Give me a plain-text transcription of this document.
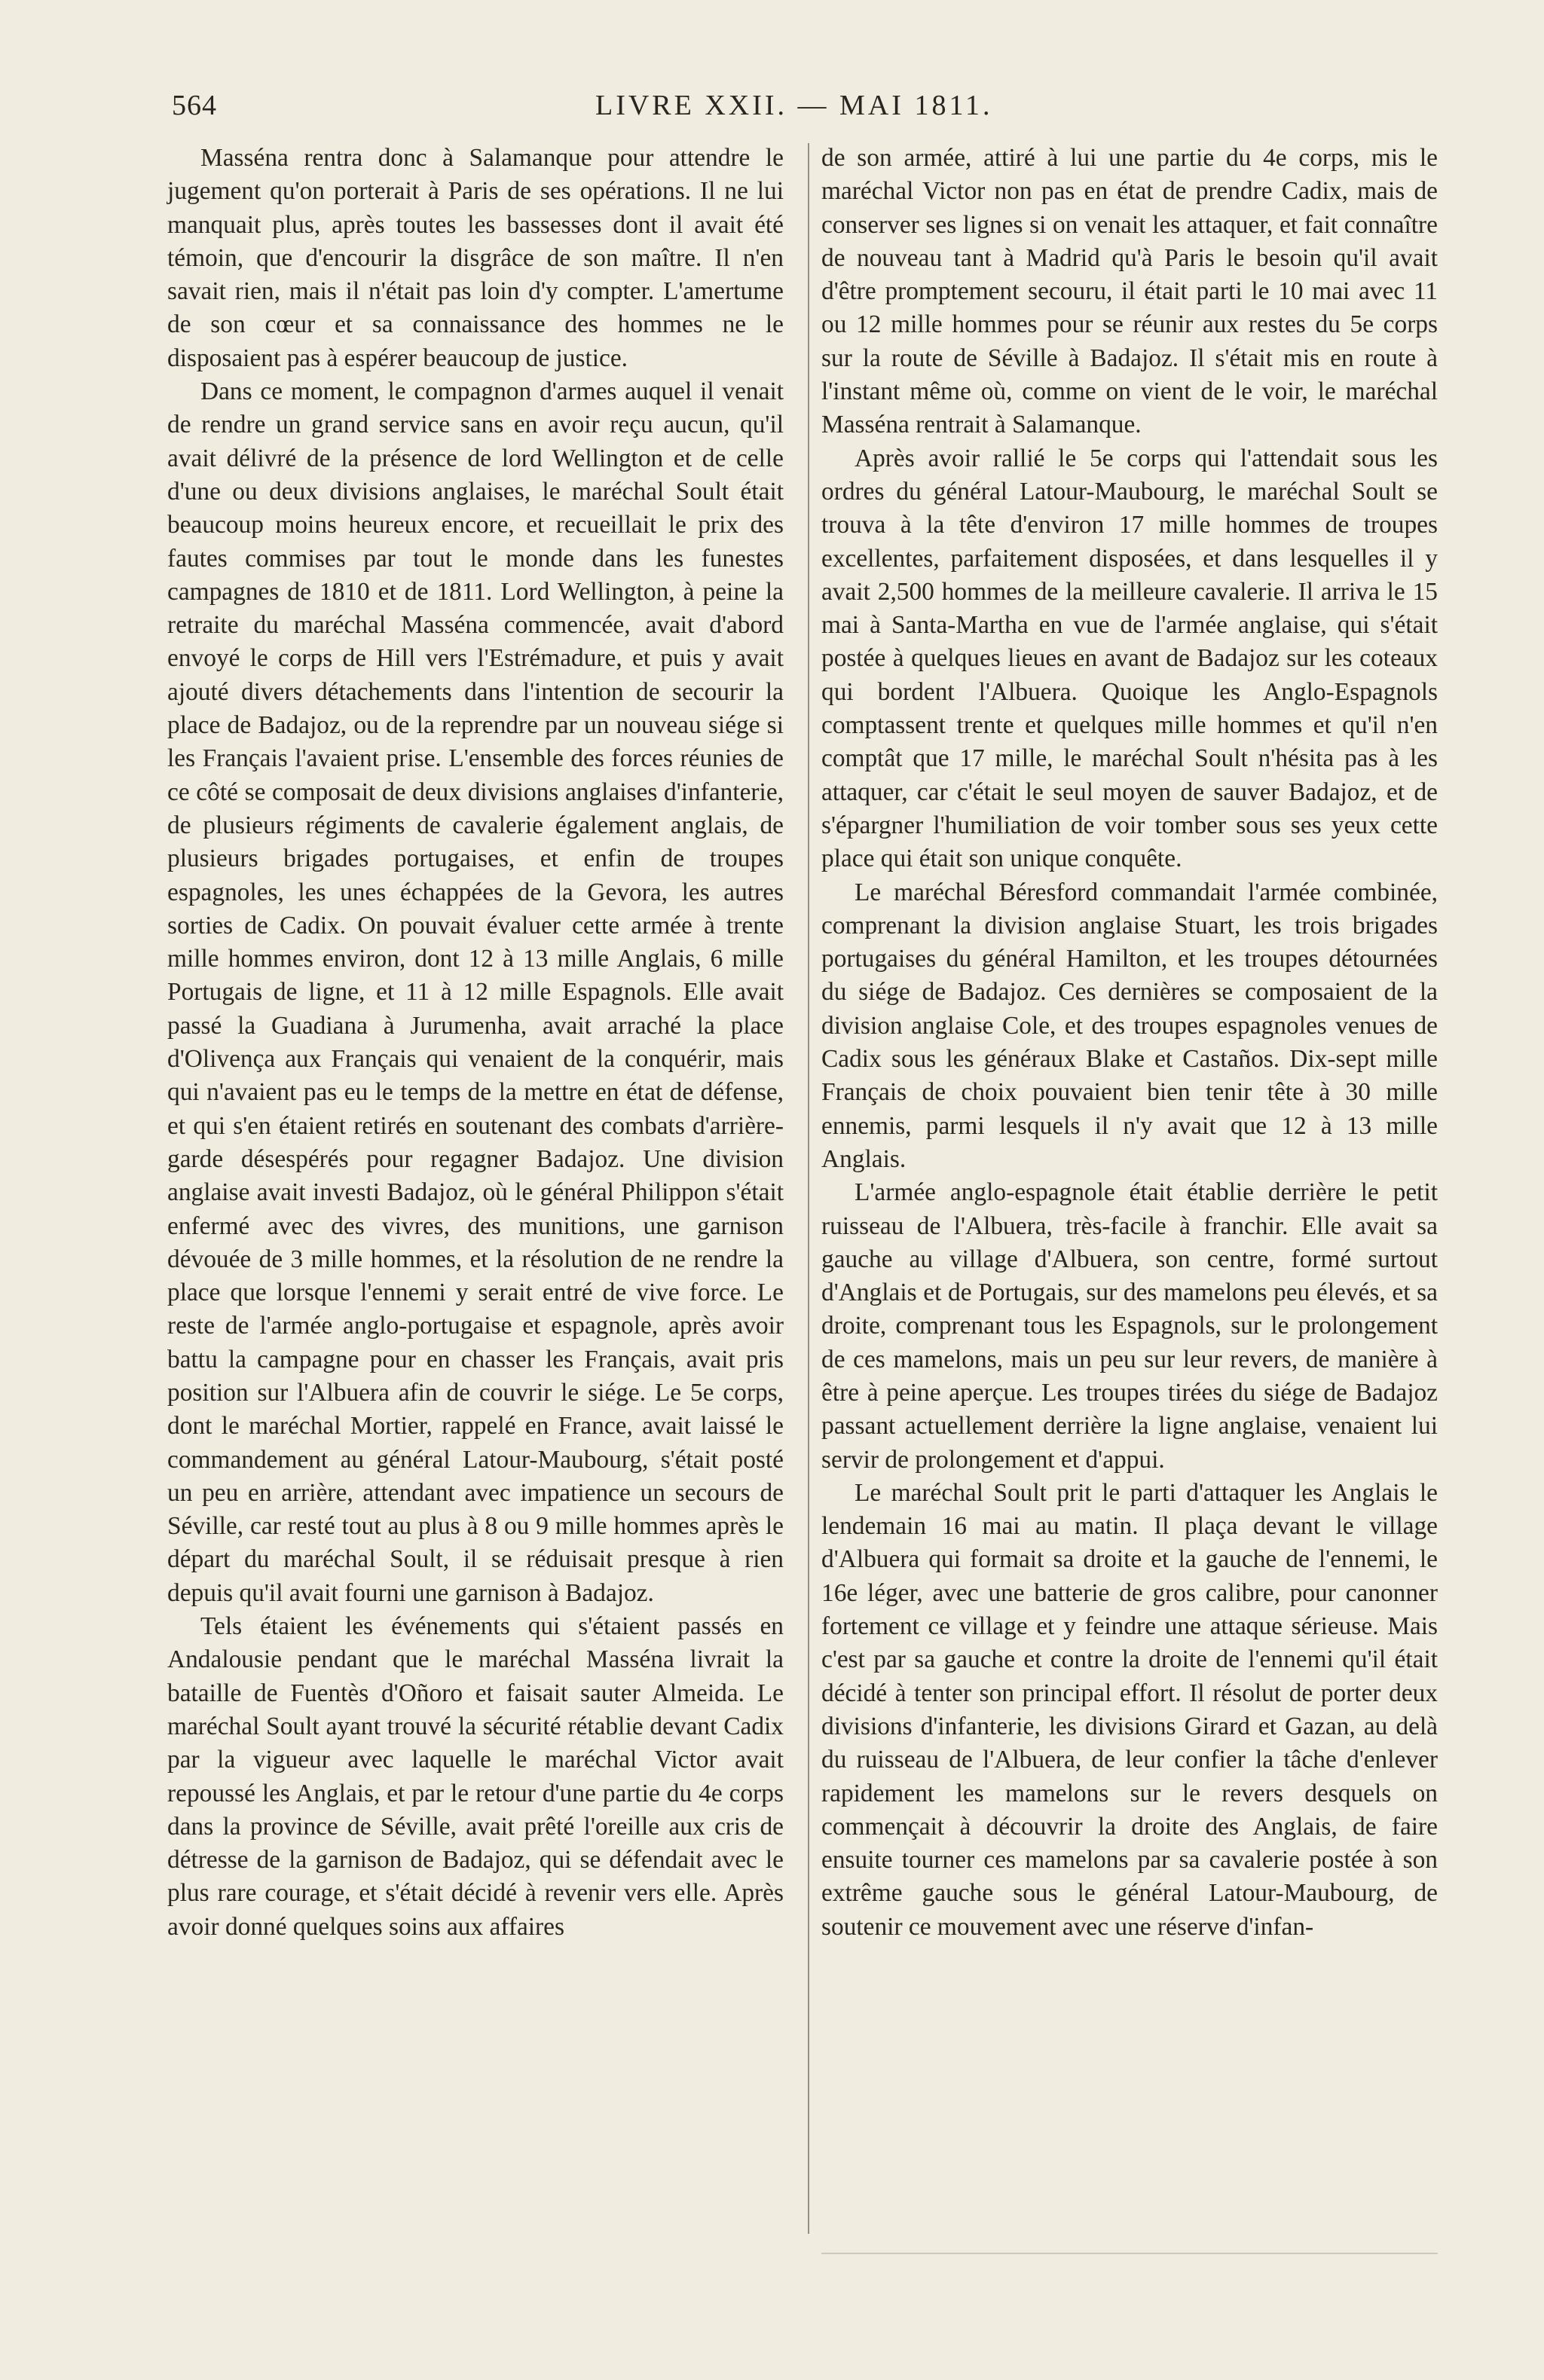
564	LIVRE XXII. — MAI 1811.

Masséna rentra donc à Salamanque pour attendre le jugement qu'on porterait à Paris de ses opérations. Il ne lui manquait plus, après toutes les bassesses dont il avait été témoin, que d'encourir la disgrâce de son maître. Il n'en savait rien, mais il n'était pas loin d'y compter. L'amertume de son cœur et sa connaissance des hommes ne le disposaient pas à espérer beaucoup de justice.

Dans ce moment, le compagnon d'armes auquel il venait de rendre un grand service sans en avoir reçu aucun, qu'il avait délivré de la présence de lord Wellington et de celle d'une ou deux divisions anglaises, le maréchal Soult était beaucoup moins heureux encore, et recueillait le prix des fautes commises par tout le monde dans les funestes campagnes de 1810 et de 1811. Lord Wellington, à peine la retraite du maréchal Masséna commencée, avait d'abord envoyé le corps de Hill vers l'Estrémadure, et puis y avait ajouté divers détachements dans l'intention de secourir la place de Badajoz, ou de la reprendre par un nouveau siége si les Français l'avaient prise. L'ensemble des forces réunies de ce côté se composait de deux divisions anglaises d'infanterie, de plusieurs régiments de cavalerie également anglais, de plusieurs brigades portugaises, et enfin de troupes espagnoles, les unes échappées de la Gevora, les autres sorties de Cadix. On pouvait évaluer cette armée à trente mille hommes environ, dont 12 à 13 mille Anglais, 6 mille Portugais de ligne, et 11 à 12 mille Espagnols. Elle avait passé la Guadiana à Jurumenha, avait arraché la place d'Olivença aux Français qui venaient de la conquérir, mais qui n'avaient pas eu le temps de la mettre en état de défense, et qui s'en étaient retirés en soutenant des combats d'arrière-garde désespérés pour regagner Badajoz. Une division anglaise avait investi Badajoz, où le général Philippon s'était enfermé avec des vivres, des munitions, une garnison dévouée de 3 mille hommes, et la résolution de ne rendre la place que lorsque l'ennemi y serait entré de vive force. Le reste de l'armée anglo-portugaise et espagnole, après avoir battu la campagne pour en chasser les Français, avait pris position sur l'Albuera afin de couvrir le siége. Le 5e corps, dont le maréchal Mortier, rappelé en France, avait laissé le commandement au général Latour-Maubourg, s'était posté un peu en arrière, attendant avec impatience un secours de Séville, car resté tout au plus à 8 ou 9 mille hommes après le départ du maréchal Soult, il se réduisait presque à rien depuis qu'il avait fourni une garnison à Badajoz.

Tels étaient les événements qui s'étaient passés en Andalousie pendant que le maréchal Masséna livrait la bataille de Fuentès d'Oñoro et faisait sauter Almeida. Le maréchal Soult ayant trouvé la sécurité rétablie devant Cadix par la vigueur avec laquelle le maréchal Victor avait repoussé les Anglais, et par le retour d'une partie du 4e corps dans la province de Séville, avait prêté l'oreille aux cris de détresse de la garnison de Badajoz, qui se défendait avec le plus rare courage, et s'était décidé à revenir vers elle. Après avoir donné quelques soins aux affaires

de son armée, attiré à lui une partie du 4e corps, mis le maréchal Victor non pas en état de prendre Cadix, mais de conserver ses lignes si on venait les attaquer, et fait connaître de nouveau tant à Madrid qu'à Paris le besoin qu'il avait d'être promptement secouru, il était parti le 10 mai avec 11 ou 12 mille hommes pour se réunir aux restes du 5e corps sur la route de Séville à Badajoz. Il s'était mis en route à l'instant même où, comme on vient de le voir, le maréchal Masséna rentrait à Salamanque.

Après avoir rallié le 5e corps qui l'attendait sous les ordres du général Latour-Maubourg, le maréchal Soult se trouva à la tête d'environ 17 mille hommes de troupes excellentes, parfaitement disposées, et dans lesquelles il y avait 2,500 hommes de la meilleure cavalerie. Il arriva le 15 mai à Santa-Martha en vue de l'armée anglaise, qui s'était postée à quelques lieues en avant de Badajoz sur les coteaux qui bordent l'Albuera. Quoique les Anglo-Espagnols comptassent trente et quelques mille hommes et qu'il n'en comptât que 17 mille, le maréchal Soult n'hésita pas à les attaquer, car c'était le seul moyen de sauver Badajoz, et de s'épargner l'humiliation de voir tomber sous ses yeux cette place qui était son unique conquête.

Le maréchal Béresford commandait l'armée combinée, comprenant la division anglaise Stuart, les trois brigades portugaises du général Hamilton, et les troupes détournées du siége de Badajoz. Ces dernières se composaient de la division anglaise Cole, et des troupes espagnoles venues de Cadix sous les généraux Blake et Castaños. Dix-sept mille Français de choix pouvaient bien tenir tête à 30 mille ennemis, parmi lesquels il n'y avait que 12 à 13 mille Anglais.

L'armée anglo-espagnole était établie derrière le petit ruisseau de l'Albuera, très-facile à franchir. Elle avait sa gauche au village d'Albuera, son centre, formé surtout d'Anglais et de Portugais, sur des mamelons peu élevés, et sa droite, comprenant tous les Espagnols, sur le prolongement de ces mamelons, mais un peu sur leur revers, de manière à être à peine aperçue. Les troupes tirées du siége de Badajoz passant actuellement derrière la ligne anglaise, venaient lui servir de prolongement et d'appui.

Le maréchal Soult prit le parti d'attaquer les Anglais le lendemain 16 mai au matin. Il plaça devant le village d'Albuera qui formait sa droite et la gauche de l'ennemi, le 16e léger, avec une batterie de gros calibre, pour canonner fortement ce village et y feindre une attaque sérieuse. Mais c'est par sa gauche et contre la droite de l'ennemi qu'il était décidé à tenter son principal effort. Il résolut de porter deux divisions d'infanterie, les divisions Girard et Gazan, au delà du ruisseau de l'Albuera, de leur confier la tâche d'enlever rapidement les mamelons sur le revers desquels on commençait à découvrir la droite des Anglais, de faire ensuite tourner ces mamelons par sa cavalerie postée à son extrême gauche sous le général Latour-Maubourg, de soutenir ce mouvement avec une réserve d'infan-
